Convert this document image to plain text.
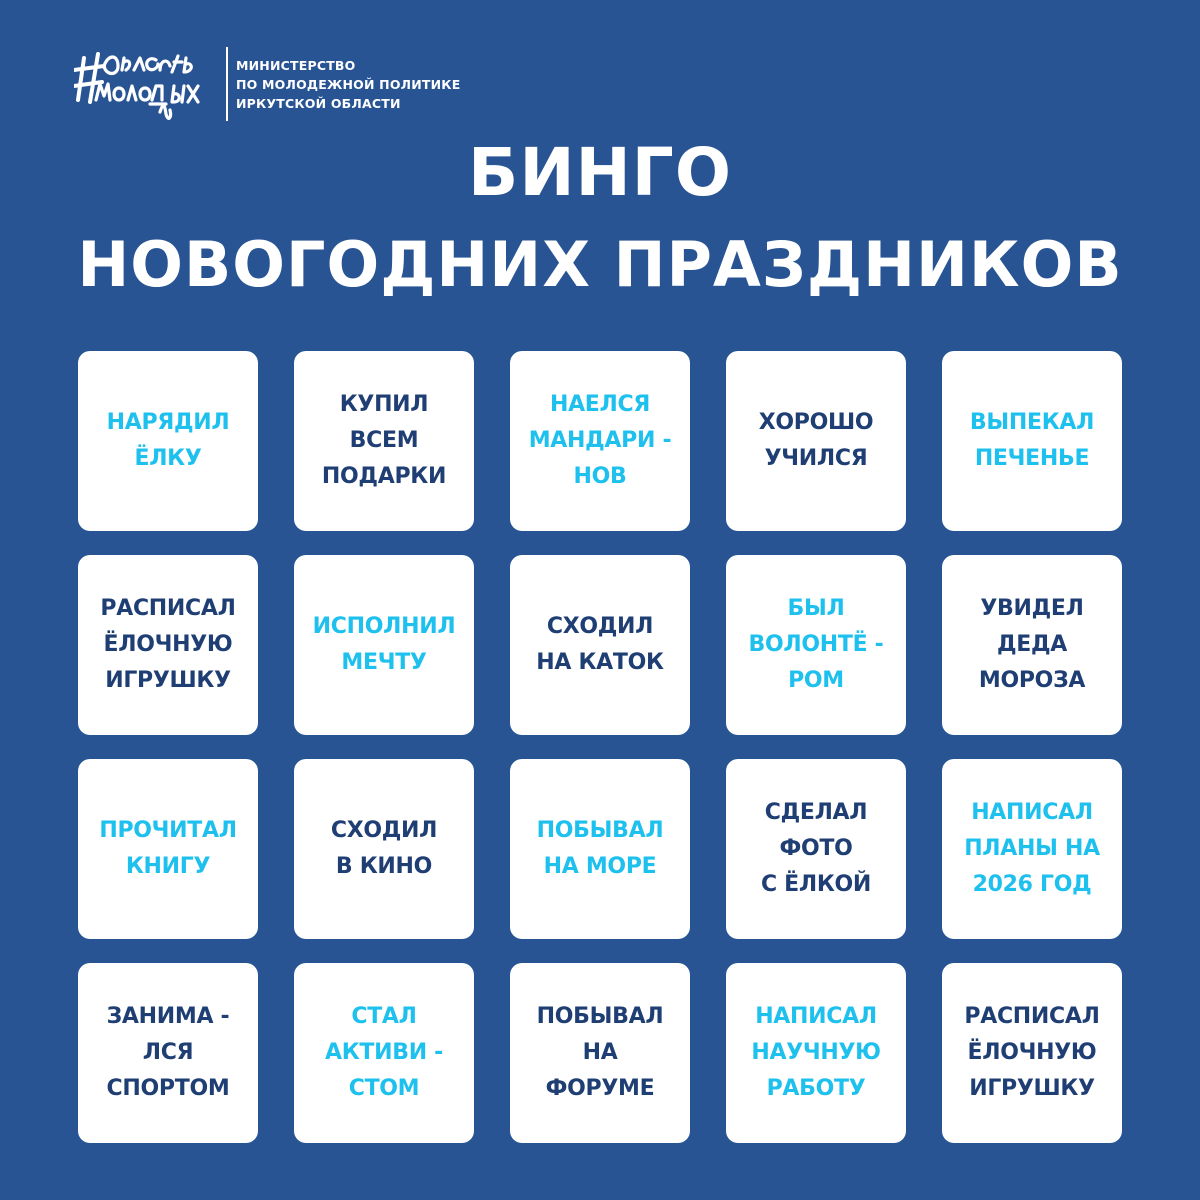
МИНИСТЕРСТВО
ПО МОЛОДЕЖНОЙ ПОЛИТИКЕ
ИРКУТСКОЙ ОБЛАСТИ
БИНГО
НОВОГОДНИХ ПРАЗДНИКОВ
НАРЯДИЛ
ЁЛКУ
КУПИЛ
ВСЕМ
ПОДАРКИ
НАЕЛСЯ
МАНДАРИ -
НОВ
ХОРОШО
УЧИЛСЯ
ВЫПЕКАЛ
ПЕЧЕНЬЕ
РАСПИСАЛ
ЁЛОЧНУЮ
ИГРУШКУ
ИСПОЛНИЛ
МЕЧТУ
СХОДИЛ
НА КАТОК
БЫЛ
ВОЛОНТЁ -
РОМ
УВИДЕЛ
ДЕДА
МОРОЗА
ПРОЧИТАЛ
КНИГУ
СХОДИЛ
В КИНО
ПОБЫВАЛ
НА МОРЕ
СДЕЛАЛ
ФОТО
С ЁЛКОЙ
НАПИСАЛ
ПЛАНЫ НА
2026 ГОД
ЗАНИМА -
ЛСЯ
СПОРТОМ
СТАЛ
АКТИВИ -
СТОМ
ПОБЫВАЛ
НА
ФОРУМЕ
НАПИСАЛ
НАУЧНУЮ
РАБОТУ
РАСПИСАЛ
ЁЛОЧНУЮ
ИГРУШКУ
